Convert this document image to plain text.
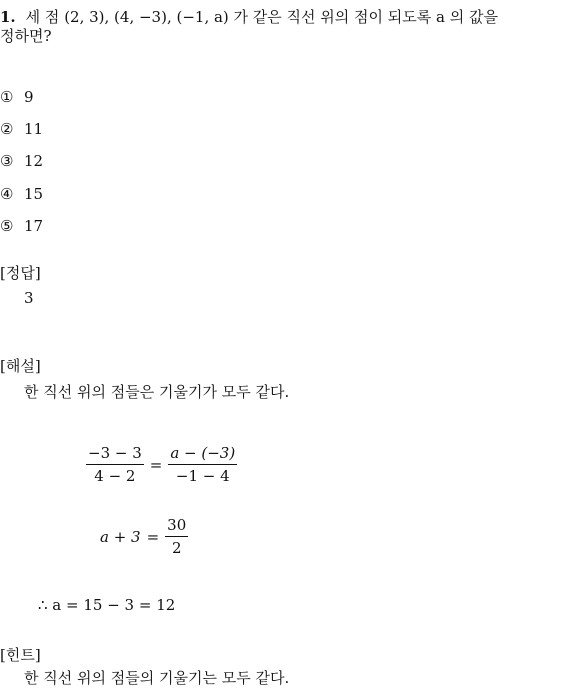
1. 세 점 (2, 3), (4, −3), (−1, a) 가 같은 직선 위의 점이 되도록 a 의 값을
정하면?
① 9
② 11
③ 12
④ 15
⑤ 17
[정답]
3
[해설]
한 직선 위의 점들은 기울기가 모두 같다.
$\frac{-3 - 3}{4 - 2} = \frac{a - (-3)}{-1 - 4}$
$a + 3 = \frac{30}{2}$
∴ a = 15 − 3 = 12
[힌트]
한 직선 위의 점들의 기울기는 모두 같다.
